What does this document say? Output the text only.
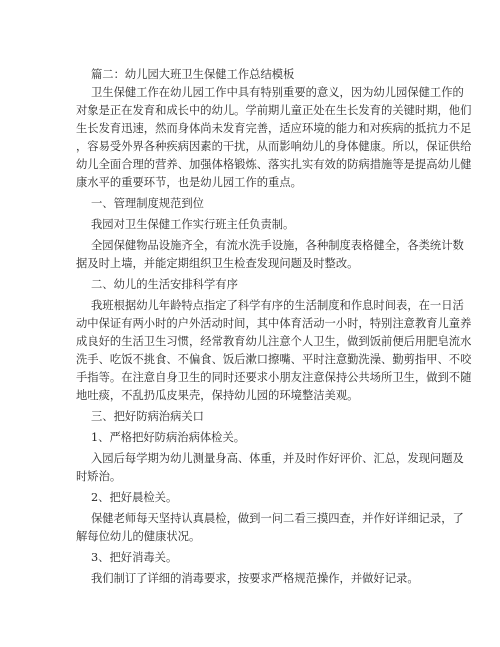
篇二：幼儿园大班卫生保健工作总结模板
卫生保健工作在幼儿园工作中具有特别重要的意义，因为幼儿园保健工作的
对象是正在发育和成长中的幼儿。学前期儿童正处在生长发育的关键时期，他们
生长发育迅速，然而身体尚未发育完善，适应环境的能力和对疾病的抵抗力不足
，容易受外界各种疾病因素的干扰，从而影响幼儿的身体健康。所以，保证供给
幼儿全面合理的营养、加强体格锻炼、落实扎实有效的防病措施等是提高幼儿健
康水平的重要环节，也是幼儿园工作的重点。
一、管理制度规范到位
我园对卫生保健工作实行班主任负责制。
全园保健物品设施齐全，有流水洗手设施，各种制度表格健全，各类统计数
据及时上墙，并能定期组织卫生检查发现问题及时整改。
二、幼儿的生活安排科学有序
我班根据幼儿年龄特点指定了科学有序的生活制度和作息时间表，在一日活
动中保证有两小时的户外活动时间，其中体育活动一小时，特别注意教育儿童养
成良好的生活卫生习惯，经常教育幼儿注意个人卫生，做到饭前便后用肥皂流水
洗手、吃饭不挑食、不偏食、饭后漱口擦嘴、平时注意勤洗澡、勤剪指甲、不咬
手指等。在注意自身卫生的同时还要求小朋友注意保持公共场所卫生，做到不随
地吐痰，不乱扔瓜皮果壳，保持幼儿园的环境整洁美观。
三、把好防病治病关口
1、严格把好防病治病体检关。
入园后每学期为幼儿测量身高、体重，并及时作好评价、汇总，发现问题及
时矫治。
2、把好晨检关。
保健老师每天坚持认真晨检，做到一问二看三摸四查，并作好详细记录，了
解每位幼儿的健康状况。
3、把好消毒关。
我们制订了详细的消毒要求，按要求严格规范操作，并做好记录。
